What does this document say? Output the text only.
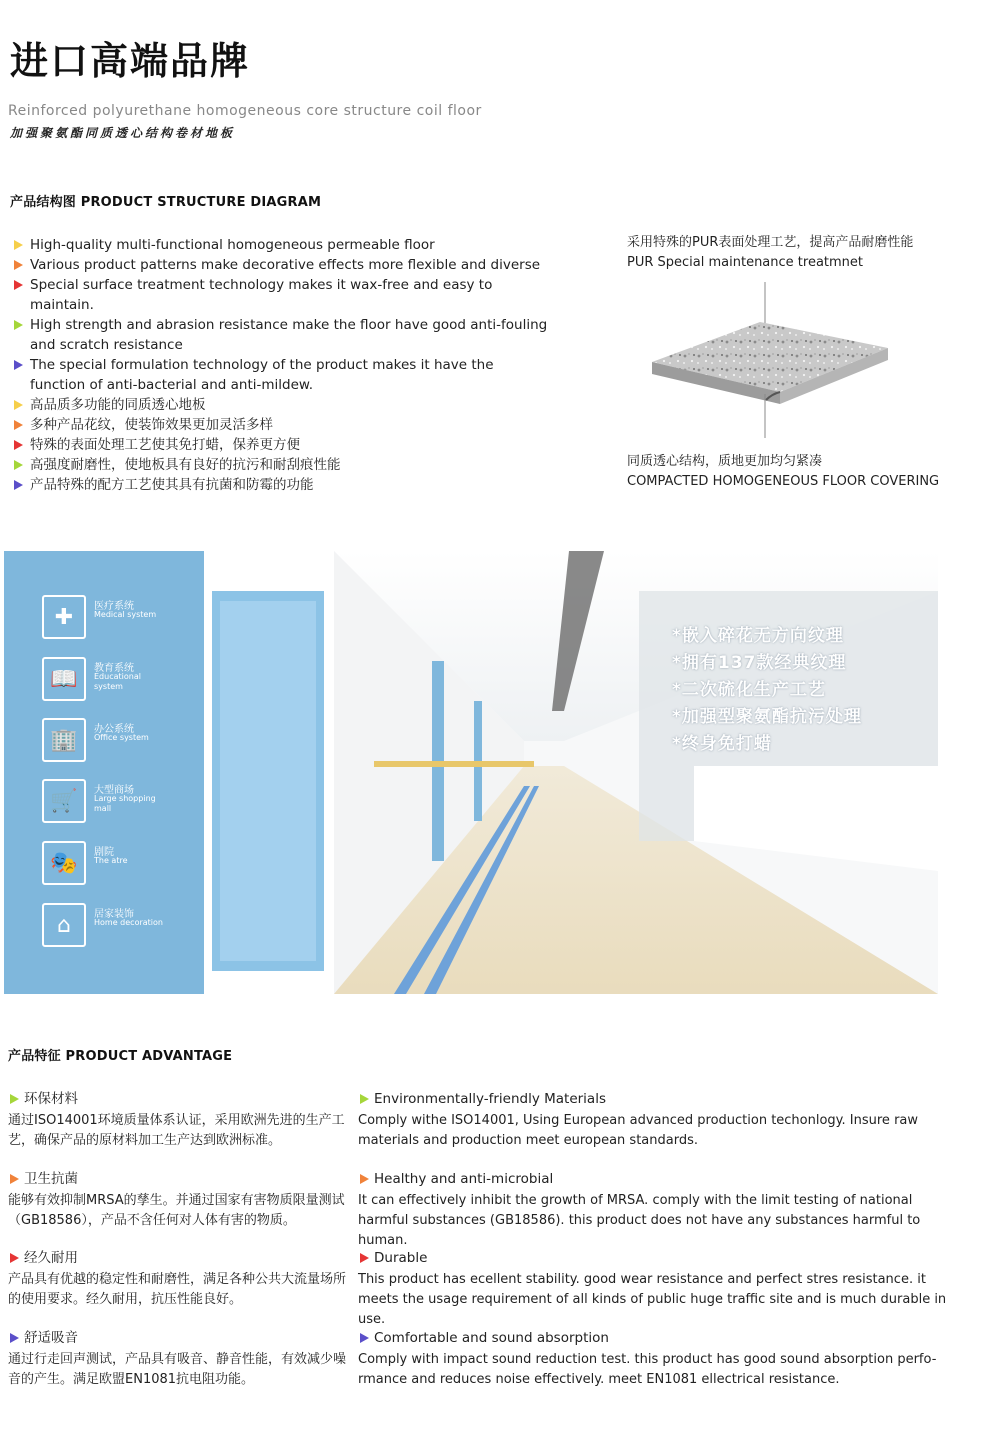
进口高端品牌
Reinforced polyurethane homogeneous core structure coil floor
加强聚氨酯同质透心结构卷材地板
产品结构图 PRODUCT STRUCTURE DIAGRAM
High-quality multi-functional homogeneous permeable floor
Various product patterns make decorative effects more flexible and diverse
Special surface treatment technology makes it wax-free and easy to maintain.
High strength and abrasion resistance make the floor have good anti-fouling and scratch resistance
The special formulation technology of the product makes it have the function of anti-bacterial and anti-mildew.
高品质多功能的同质透心地板
多种产品花纹，使装饰效果更加灵活多样
特殊的表面处理工艺使其免打蜡，保养更方便
高强度耐磨性，使地板具有良好的抗污和耐刮痕性能
产品特殊的配方工艺使其具有抗菌和防霉的功能
采用特殊的PUR表面处理工艺，提高产品耐磨性能
PUR Special maintenance treatmnet
同质透心结构，质地更加均匀紧凑
COMPACTED HOMOGENEOUS FLOOR COVERING
*嵌入碎花无方向纹理
*拥有137款经典纹理
*二次硫化生产工艺
*加强型聚氨酯抗污处理
*终身免打蜡
✚	医疗系统
Medical system
📖	教育系统
Educational system
🏢	办公系统
Office system
🛒	大型商场
Large shopping mall
🎭	剧院
The atre
⌂	居家装饰
Home decoration
产品特征 PRODUCT ADVANTAGE
环保材料
通过ISO14001环境质量体系认证，采用欧洲先进的生产工艺，确保产品的原材料加工生产达到欧洲标准。
Environmentally-friendly Materials
Comply withe ISO14001, Using European advanced production techonlogy. Insure raw materials and production meet european standards.
卫生抗菌
能够有效抑制MRSA的孳生。并通过国家有害物质限量测试（GB18586），产品不含任何对人体有害的物质。
Healthy and anti-microbial
It can effectively inhibit the growth of MRSA. comply with the limit testing of national harmful substances (GB18586). this product does not have any substances harmful to human.
经久耐用
产品具有优越的稳定性和耐磨性，满足各种公共大流量场所的使用要求。经久耐用，抗压性能良好。
Durable
This product has ecellent stability. good wear resistance and perfect stres resistance. it meets the usage requirement of all kinds of public huge traffic site and is much durable in use.
舒适吸音
通过行走回声测试，产品具有吸音、静音性能，有效减少噪音的产生。满足欧盟EN1081抗电阻功能。
Comfortable and sound absorption
Comply with impact sound reduction test. this product has good sound absorption perfo-rmance and reduces noise effectively. meet EN1081 ellectrical resistance.
